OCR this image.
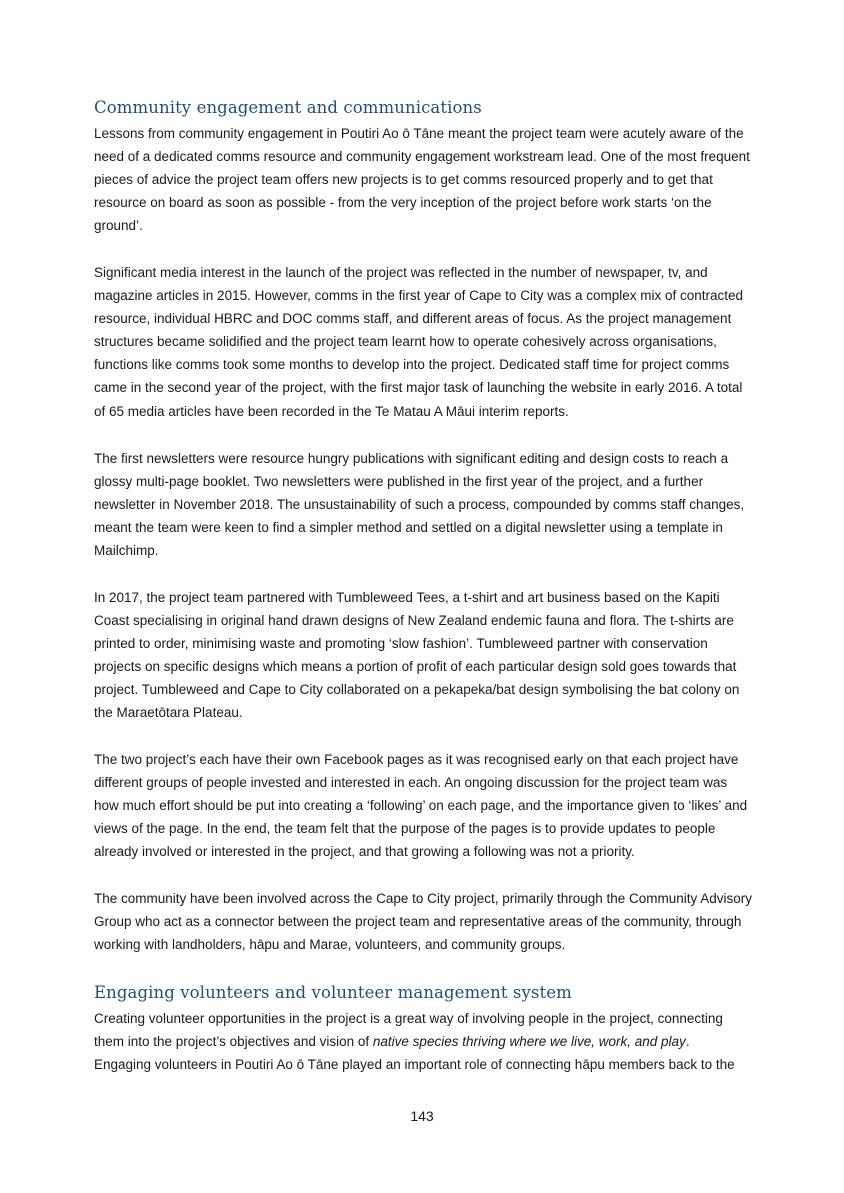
Community engagement and communications

Lessons from community engagement in Poutiri Ao ō Tāne meant the project team were acutely aware of the need of a dedicated comms resource and community engagement workstream lead. One of the most frequent pieces of advice the project team offers new projects is to get comms resourced properly and to get that resource on board as soon as possible - from the very inception of the project before work starts ‘on the ground’.

Significant media interest in the launch of the project was reflected in the number of newspaper, tv, and magazine articles in 2015. However, comms in the first year of Cape to City was a complex mix of contracted resource, individual HBRC and DOC comms staff, and different areas of focus. As the project management structures became solidified and the project team learnt how to operate cohesively across organisations, functions like comms took some months to develop into the project. Dedicated staff time for project comms came in the second year of the project, with the first major task of launching the website in early 2016. A total of 65 media articles have been recorded in the Te Matau A Māui interim reports.

The first newsletters were resource hungry publications with significant editing and design costs to reach a glossy multi-page booklet. Two newsletters were published in the first year of the project, and a further newsletter in November 2018. The unsustainability of such a process, compounded by comms staff changes, meant the team were keen to find a simpler method and settled on a digital newsletter using a template in Mailchimp.

In 2017, the project team partnered with Tumbleweed Tees, a t-shirt and art business based on the Kapiti Coast specialising in original hand drawn designs of New Zealand endemic fauna and flora. The t-shirts are printed to order, minimising waste and promoting ‘slow fashion’. Tumbleweed partner with conservation projects on specific designs which means a portion of profit of each particular design sold goes towards that project. Tumbleweed and Cape to City collaborated on a pekapeka/bat design symbolising the bat colony on the Maraetōtara Plateau.

The two project’s each have their own Facebook pages as it was recognised early on that each project have different groups of people invested and interested in each. An ongoing discussion for the project team was how much effort should be put into creating a ‘following’ on each page, and the importance given to ‘likes’ and views of the page. In the end, the team felt that the purpose of the pages is to provide updates to people already involved or interested in the project, and that growing a following was not a priority.

The community have been involved across the Cape to City project, primarily through the Community Advisory Group who act as a connector between the project team and representative areas of the community, through working with landholders, hāpu and Marae, volunteers, and community groups.

Engaging volunteers and volunteer management system

Creating volunteer opportunities in the project is a great way of involving people in the project, connecting them into the project’s objectives and vision of native species thriving where we live, work, and play.
Engaging volunteers in Poutiri Ao ō Tāne played an important role of connecting hāpu members back to the

143
